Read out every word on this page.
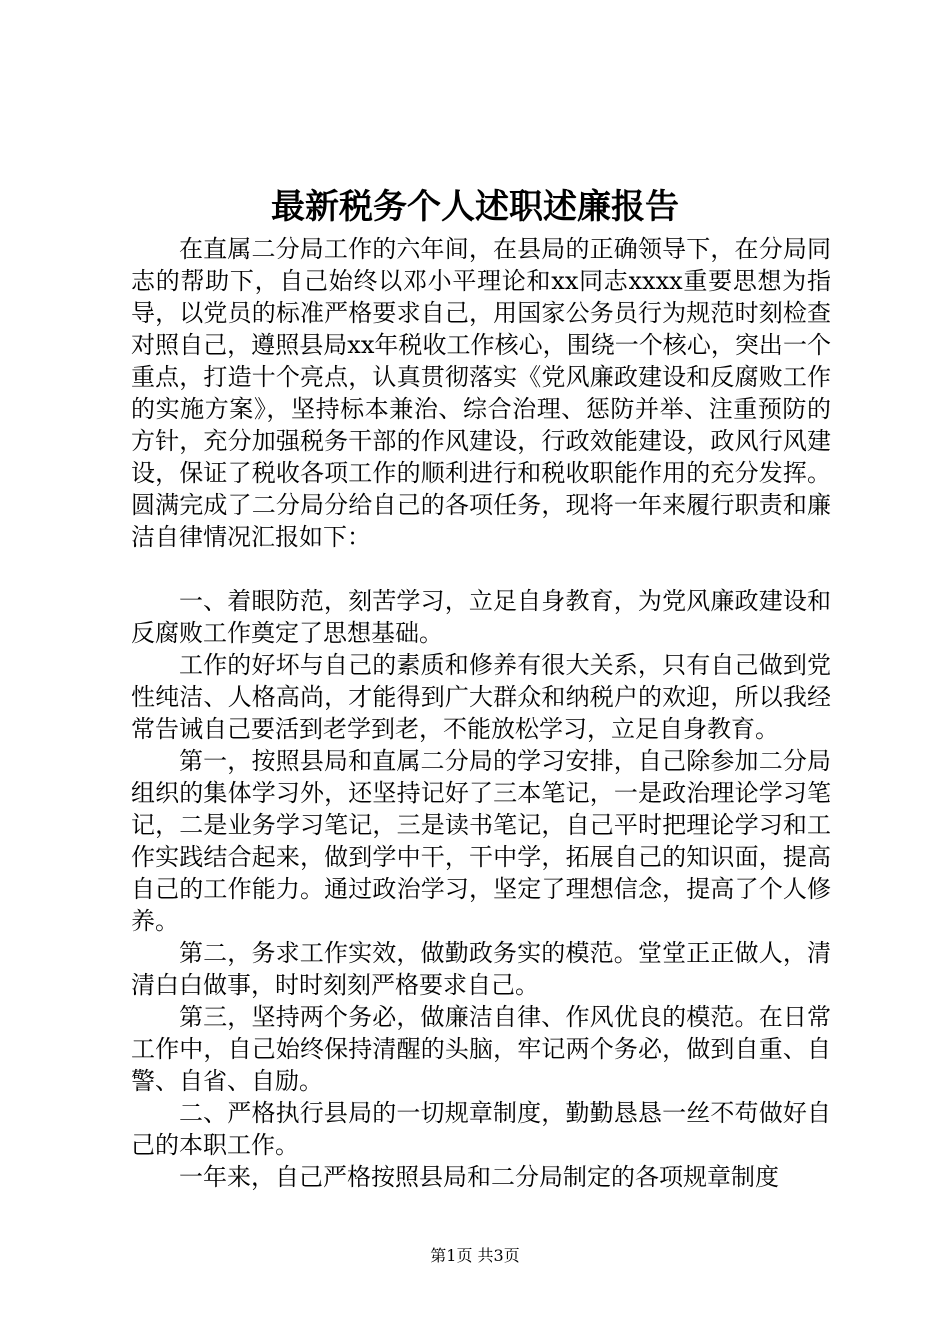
最新税务个人述职述廉报告

在直属二分局工作的六年间，在县局的正确领导下，在分局同志的帮助下，自己始终以邓小平理论和xx同志xxxx重要思想为指导，以党员的标准严格要求自己，用国家公务员行为规范时刻检查对照自己，遵照县局xx年税收工作核心，围绕一个核心，突出一个重点，打造十个亮点，认真贯彻落实《党风廉政建设和反腐败工作的实施方案》，坚持标本兼治、综合治理、惩防并举、注重预防的方针，充分加强税务干部的作风建设，行政效能建设，政风行风建设，保证了税收各项工作的顺利进行和税收职能作用的充分发挥。圆满完成了二分局分给自己的各项任务，现将一年来履行职责和廉洁自律情况汇报如下：

一、着眼防范，刻苦学习，立足自身教育，为党风廉政建设和反腐败工作奠定了思想基础。

工作的好坏与自己的素质和修养有很大关系，只有自己做到党性纯洁、人格高尚，才能得到广大群众和纳税户的欢迎，所以我经常告诫自己要活到老学到老，不能放松学习，立足自身教育。

第一，按照县局和直属二分局的学习安排，自己除参加二分局组织的集体学习外，还坚持记好了三本笔记，一是政治理论学习笔记，二是业务学习笔记，三是读书笔记，自己平时把理论学习和工作实践结合起来，做到学中干，干中学，拓展自己的知识面，提高自己的工作能力。通过政治学习，坚定了理想信念，提高了个人修养。

第二，务求工作实效，做勤政务实的模范。堂堂正正做人，清清白白做事，时时刻刻严格要求自己。

第三，坚持两个务必，做廉洁自律、作风优良的模范。在日常工作中，自己始终保持清醒的头脑，牢记两个务必，做到自重、自警、自省、自励。

二、严格执行县局的一切规章制度，勤勤恳恳一丝不苟做好自己的本职工作。

一年来，自己严格按照县局和二分局制定的各项规章制度

第1页 共3页
